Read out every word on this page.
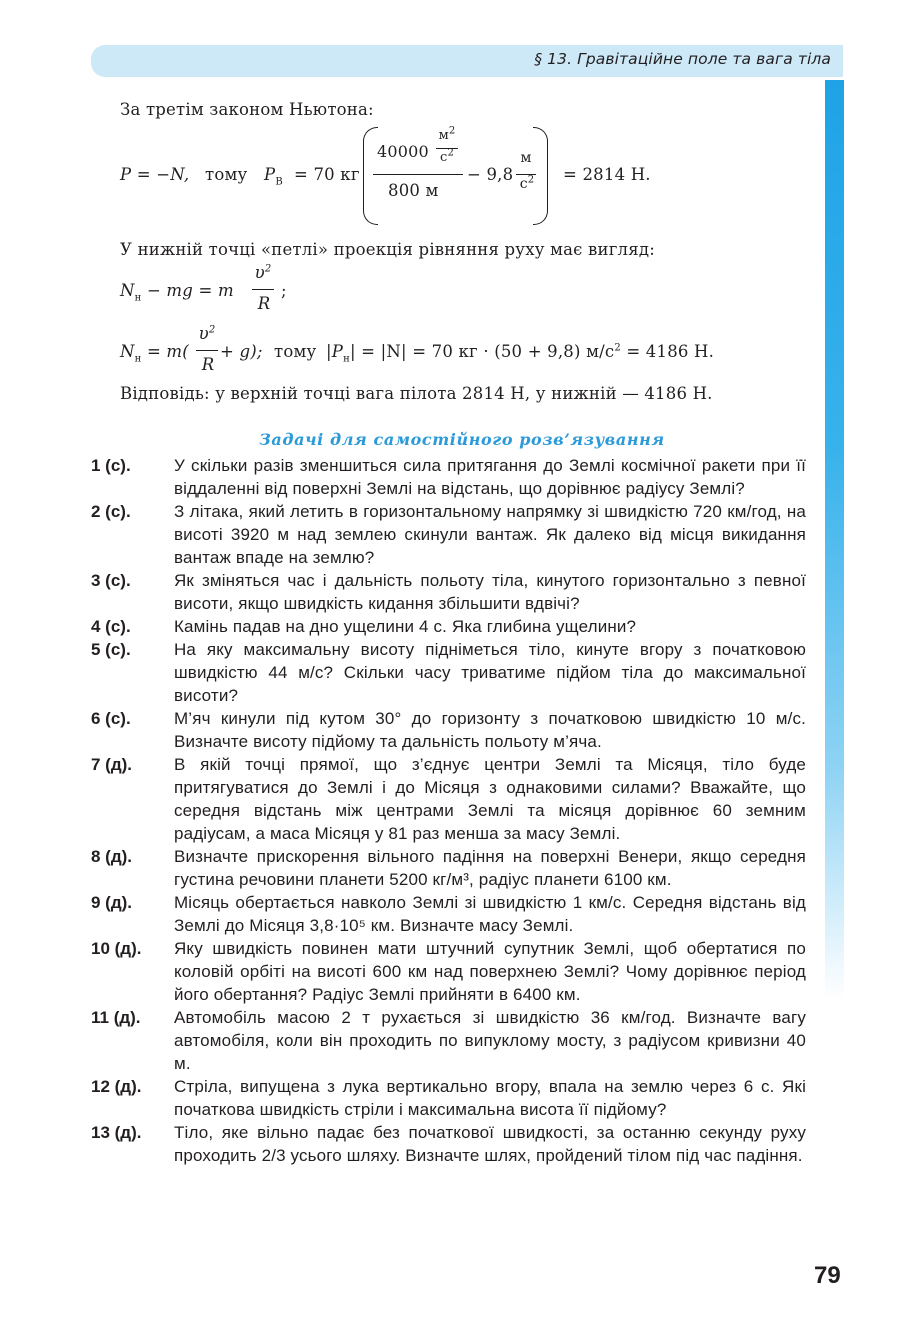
§ 13. Гравітаційне поле та вага тіла
За третім законом Ньютона:
P = −N, тому $P_В = 70$ кг
40000
$м^2$
$с^2$
800 м
− 9,8
м
$с^2 = 2814$ Н.
У нижній точці «петлі» проекція рівняння руху має вигляд:
$N_н$ − mg = m
$\upsilon^2$
R
;
$N_н = m$(
$\upsilon^2$
R
+ g); тому $|P_н| = |N| = 70$ кг · (50 + 9,8) $м/с^2 = 4186$ Н.
Відповідь: у верхній точці вага пілота 2814 Н, у нижній — 4186 Н.
Задачі для самостійного розв’язування
1 (с).	У скільки разів зменшиться сила притягання до Землі космічної ракети при її віддаленні від поверхні Землі на відстань, що дорівнює радіусу Землі?
2 (с).	З літака, який летить в горизонтальному напрямку зі швидкістю 720 км/год, на висоті 3920 м над землею скинули вантаж. Як далеко від місця викидання вантаж впаде на землю?
3 (с).	Як зміняться час і дальність польоту тіла, кинутого горизонтально з певної висоти, якщо швидкість кидання збільшити вдвічі?
4 (с).	Камінь падав на дно ущелини 4 с. Яка глибина ущелини?
5 (с).	На яку максимальну висоту підніметься тіло, кинуте вгору з початковою швидкістю 44 м/с? Скільки часу триватиме підйом тіла до максимальної висоти?
6 (с).	М’яч кинули під кутом 30° до горизонту з початковою швидкістю 10 м/с. Визначте висоту підйому та дальність польоту м’яча.
7 (д). В якій точці прямої, що з’єднує центри Землі та Місяця, тіло буде притягуватися до Землі і до Місяця з однаковими силами? Вважайте, що середня відстань між центрами Землі та місяця дорівнює 60 земним радіусам, а маса Місяця у 81 раз менша за масу Землі.
8 (д). Визначте прискорення вільного падіння на поверхні Венери, якщо середня густина речовини планети 5200 кг/м³, радіус планети 6100 км.
9 (д). Місяць обертається навколо Землі зі швидкістю 1 км/с. Середня відстань від Землі до Місяця 3,8·10⁵ км. Визначте масу Землі.
10 (д). Яку швидкість повинен мати штучний супутник Землі, щоб обертатися по коловій орбіті на висоті 600 км над поверхнею Землі? Чому дорівнює період його обертання? Радіус Землі прийняти в 6400 км.
11 (д). Автомобіль масою 2 т рухається зі швидкістю 36 км/год. Визначте вагу автомобіля, коли він проходить по випуклому мосту, з радіусом кривизни 40 м.
12 (д). Стріла, випущена з лука вертикально вгору, впала на землю через 6 с. Які початкова швидкість стріли і максимальна висота її підйому?
13 (д). Тіло, яке вільно падає без початкової швидкості, за останню секунду руху проходить 2/3 усього шляху. Визначте шлях, пройдений тілом під час падіння.
79
